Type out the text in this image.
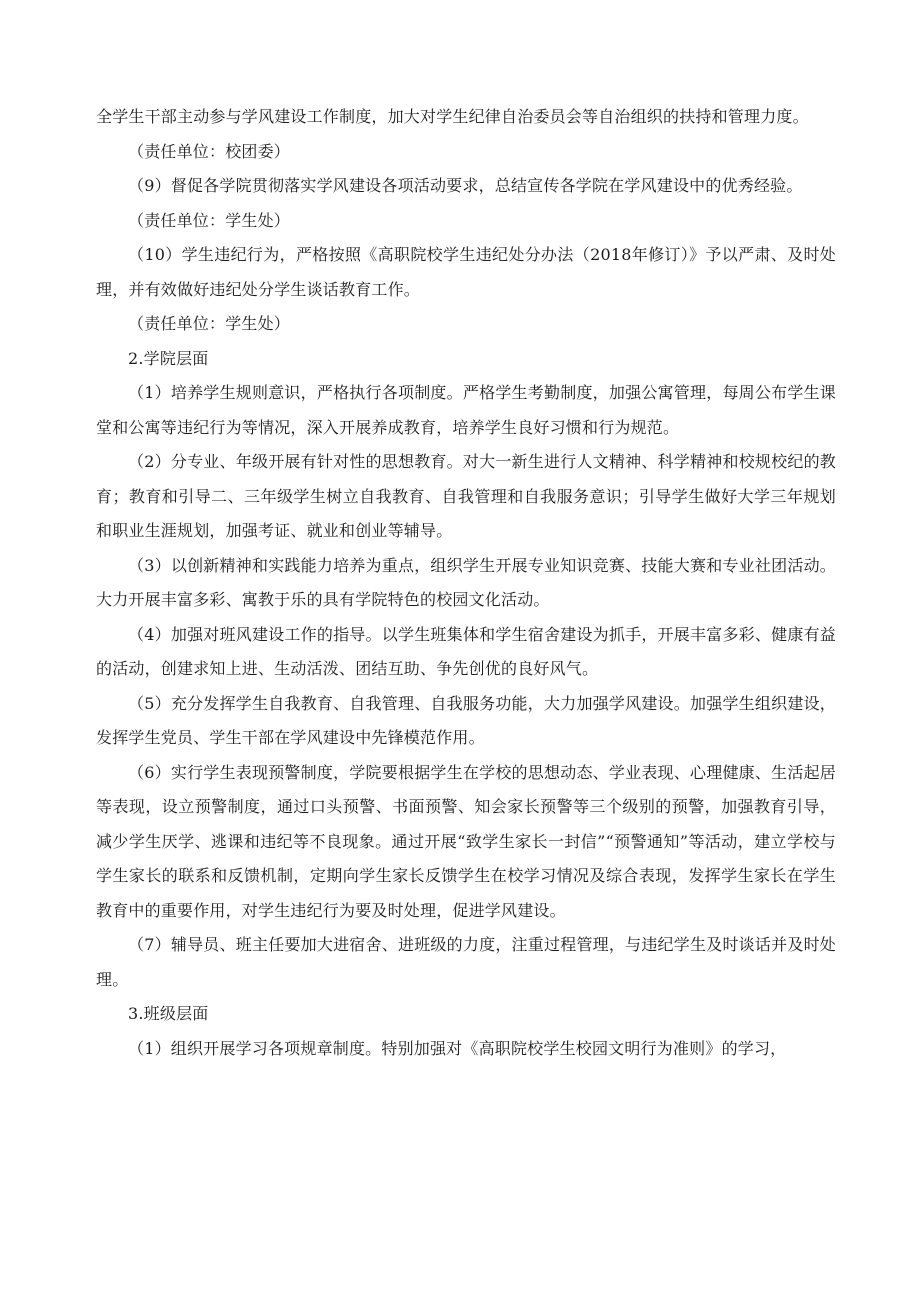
全学生干部主动参与学风建设工作制度，加大对学生纪律自治委员会等自治组织的扶持和管理力度。

（责任单位：校团委）

（9）督促各学院贯彻落实学风建设各项活动要求，总结宣传各学院在学风建设中的优秀经验。

（责任单位：学生处）

（10）学生违纪行为，严格按照《高职院校学生违纪处分办法（2018年修订）》予以严肃、及时处理，并有效做好违纪处分学生谈话教育工作。

（责任单位：学生处）

2.学院层面

（1）培养学生规则意识，严格执行各项制度。严格学生考勤制度，加强公寓管理，每周公布学生课堂和公寓等违纪行为等情况，深入开展养成教育，培养学生良好习惯和行为规范。

（2）分专业、年级开展有针对性的思想教育。对大一新生进行人文精神、科学精神和校规校纪的教育；教育和引导二、三年级学生树立自我教育、自我管理和自我服务意识；引导学生做好大学三年规划和职业生涯规划，加强考证、就业和创业等辅导。

（3）以创新精神和实践能力培养为重点，组织学生开展专业知识竞赛、技能大赛和专业社团活动。大力开展丰富多彩、寓教于乐的具有学院特色的校园文化活动。

（4）加强对班风建设工作的指导。以学生班集体和学生宿舍建设为抓手，开展丰富多彩、健康有益的活动，创建求知上进、生动活泼、团结互助、争先创优的良好风气。

（5）充分发挥学生自我教育、自我管理、自我服务功能，大力加强学风建设。加强学生组织建设，发挥学生党员、学生干部在学风建设中先锋模范作用。

（6）实行学生表现预警制度，学院要根据学生在学校的思想动态、学业表现、心理健康、生活起居等表现，设立预警制度，通过口头预警、书面预警、知会家长预警等三个级别的预警，加强教育引导，减少学生厌学、逃课和违纪等不良现象。通过开展“致学生家长一封信”“预警通知”等活动，建立学校与学生家长的联系和反馈机制，定期向学生家长反馈学生在校学习情况及综合表现，发挥学生家长在学生教育中的重要作用，对学生违纪行为要及时处理，促进学风建设。

（7）辅导员、班主任要加大进宿舍、进班级的力度，注重过程管理，与违纪学生及时谈话并及时处理。

3.班级层面

（1）组织开展学习各项规章制度。特别加强对《高职院校学生校园文明行为准则》的学习，
